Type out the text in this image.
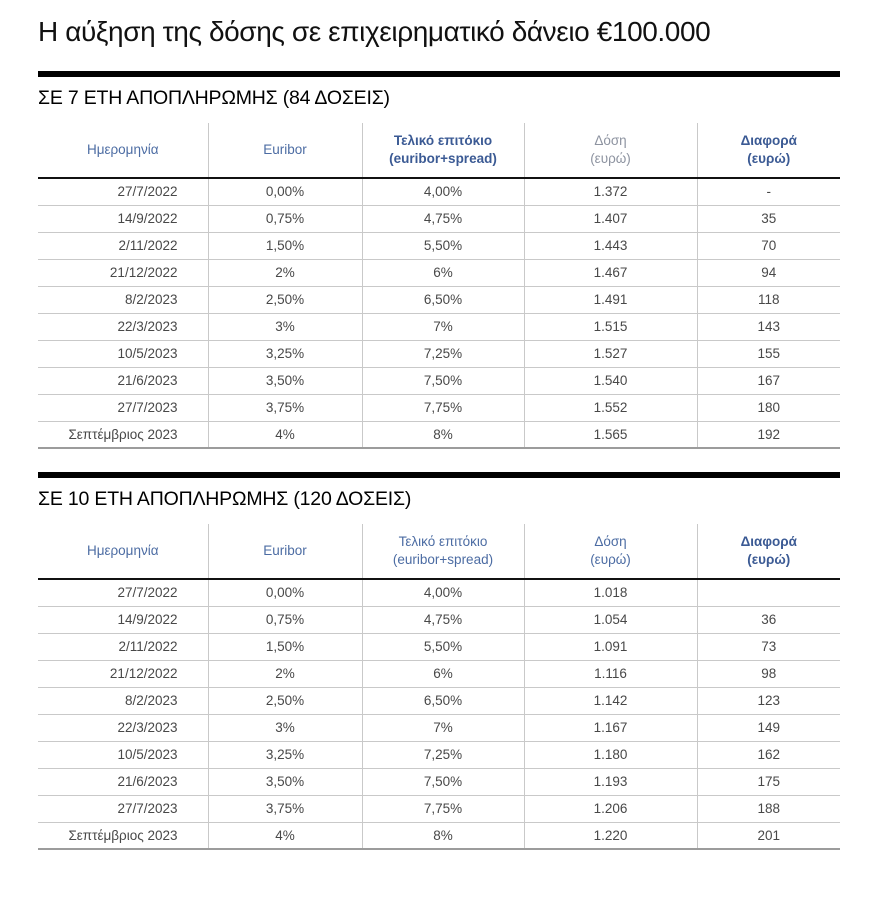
Η αύξηση της δόσης σε επιχειρηματικό δάνειο €100.000
ΣΕ 7 ΕΤΗ ΑΠΟΠΛΗΡΩΜΗΣ (84 ΔΟΣΕΙΣ)
Ημερομηνία	Euribor	Τελικό επιτόκιο
(euribor+spread)	Δόση
(ευρώ)	Διαφορά
(ευρώ)
27/7/2022	0,00%	4,00%	1.372	-
14/9/2022	0,75%	4,75%	1.407	35
2/11/2022	1,50%	5,50%	1.443	70
21/12/2022	2%	6%	1.467	94
8/2/2023	2,50%	6,50%	1.491	118
22/3/2023	3%	7%	1.515	143
10/5/2023	3,25%	7,25%	1.527	155
21/6/2023	3,50%	7,50%	1.540	167
27/7/2023	3,75%	7,75%	1.552	180
Σεπτέμβριος 2023	4%	8%	1.565	192
ΣΕ 10 ΕΤΗ ΑΠΟΠΛΗΡΩΜΗΣ (120 ΔΟΣΕΙΣ)
Ημερομηνία	Euribor	Τελικό επιτόκιο
(euribor+spread)	Δόση
(ευρώ)	Διαφορά
(ευρώ)
27/7/2022	0,00%	4,00%	1.018	
14/9/2022	0,75%	4,75%	1.054	36
2/11/2022	1,50%	5,50%	1.091	73
21/12/2022	2%	6%	1.116	98
8/2/2023	2,50%	6,50%	1.142	123
22/3/2023	3%	7%	1.167	149
10/5/2023	3,25%	7,25%	1.180	162
21/6/2023	3,50%	7,50%	1.193	175
27/7/2023	3,75%	7,75%	1.206	188
Σεπτέμβριος 2023	4%	8%	1.220	201
